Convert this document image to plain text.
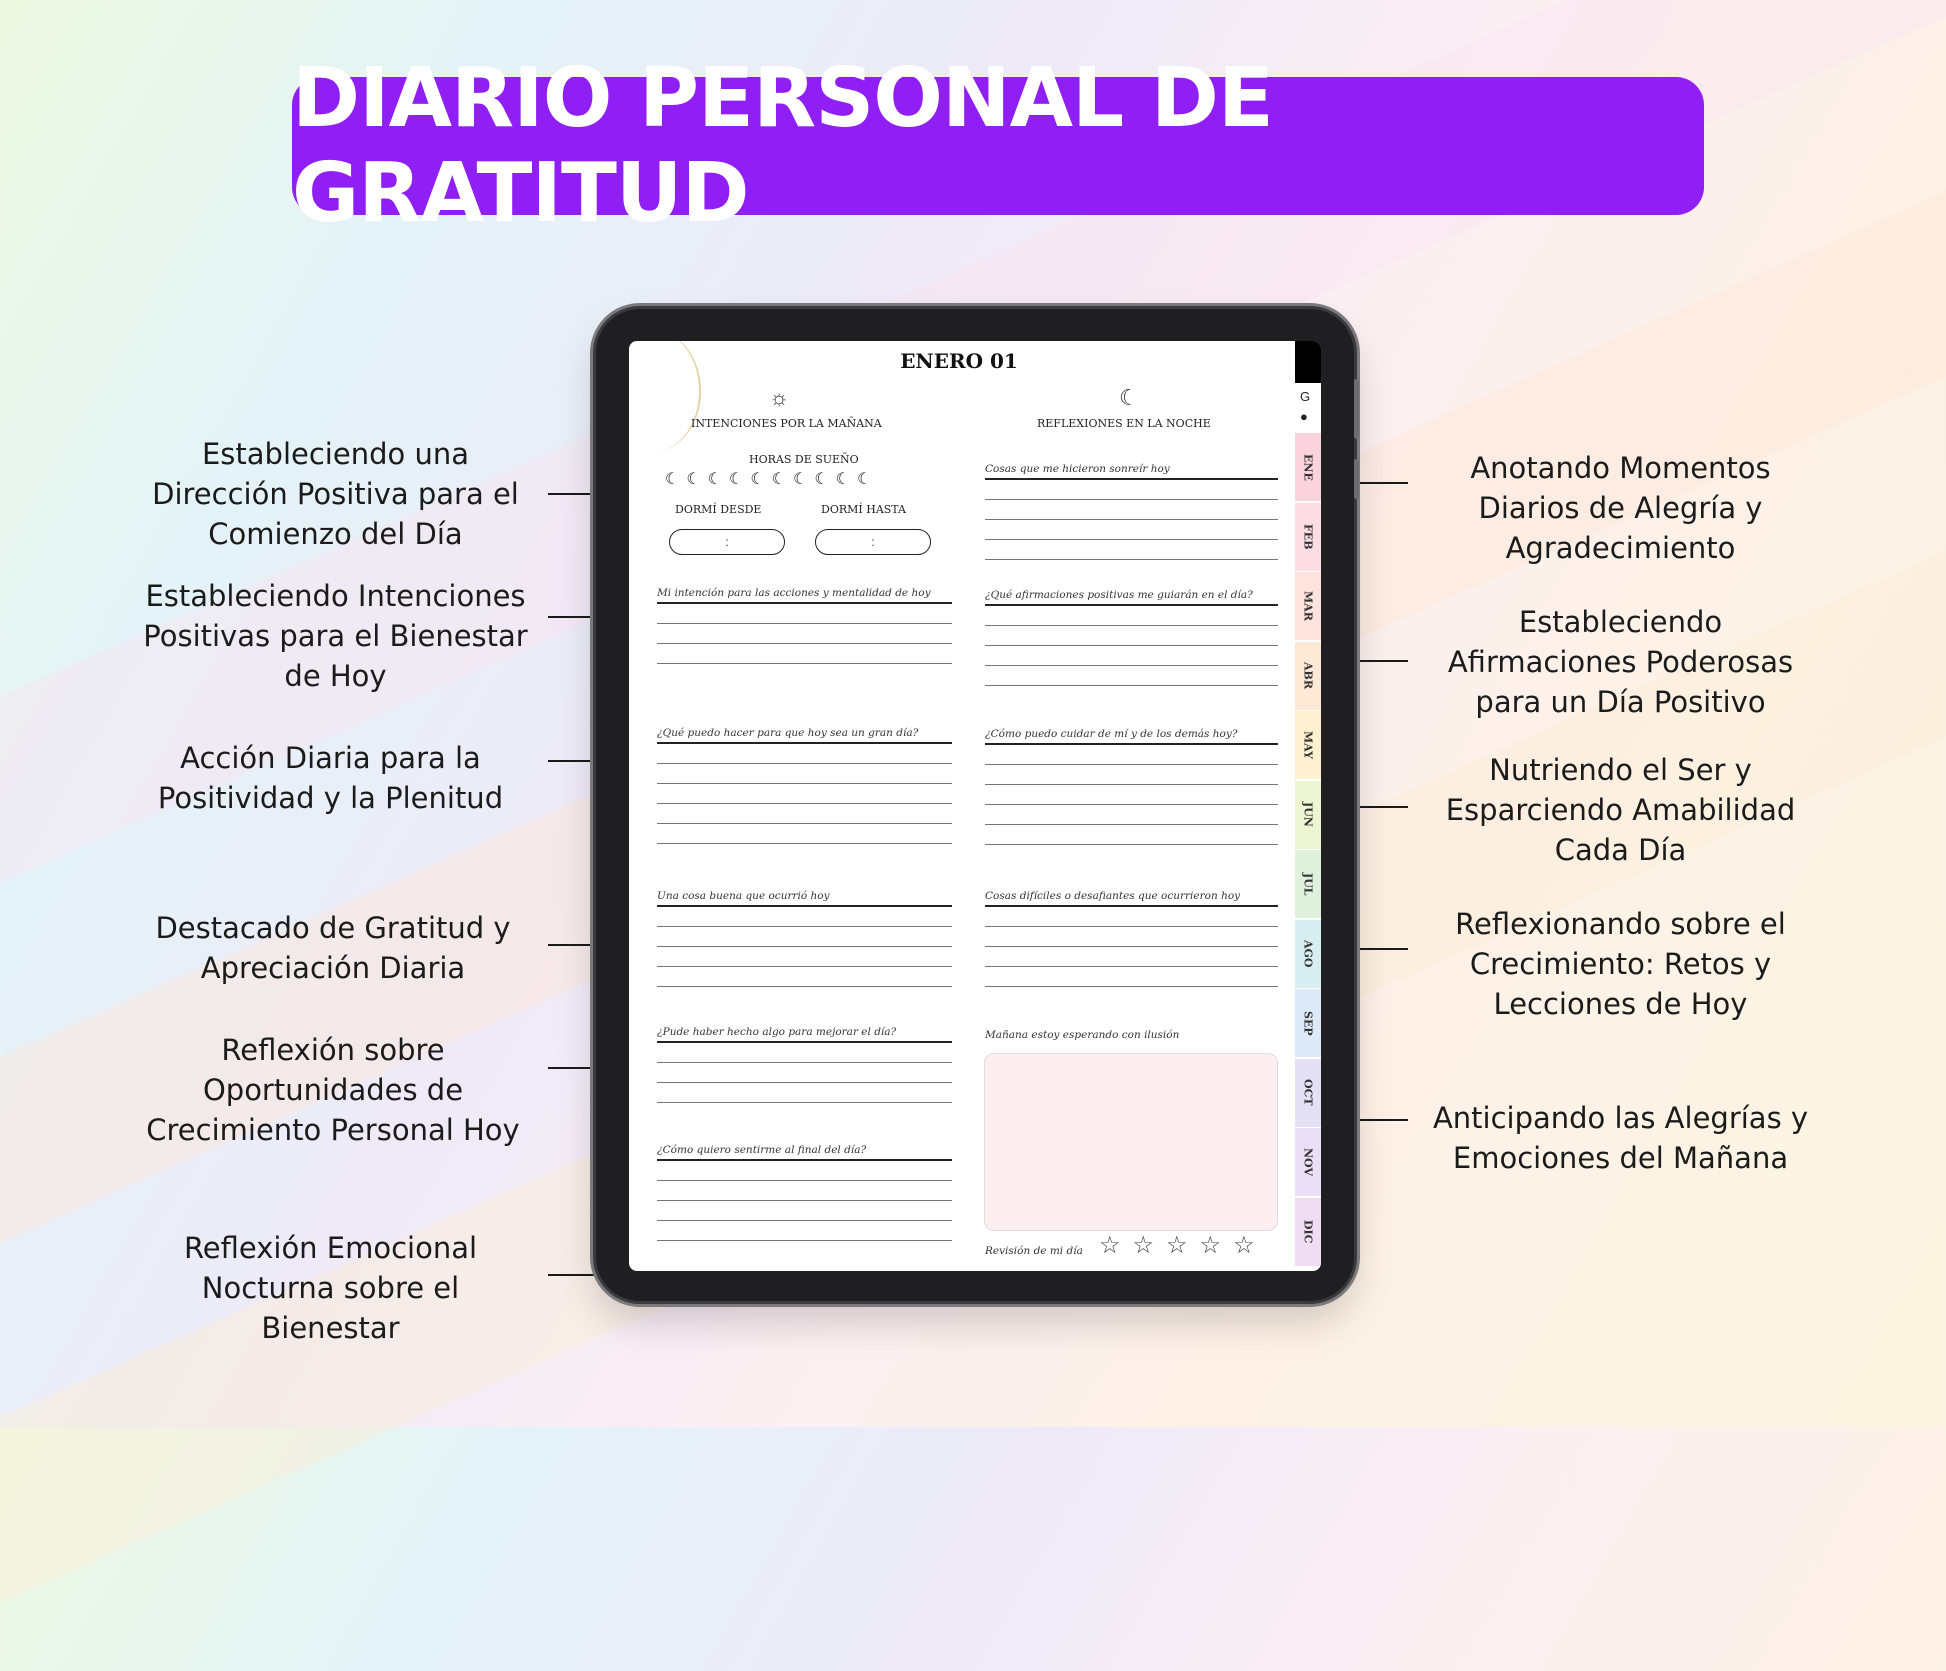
DIARIO PERSONAL DE GRATITUD
Estableciendo una Dirección Positiva para el Comienzo del Día
Estableciendo Intenciones Positivas para el Bienestar de Hoy
Acción Diaria para la Positividad y la Plenitud
Destacado de Gratitud y Apreciación Diaria
Reflexión sobre Oportunidades de Crecimiento Personal Hoy
Reflexión Emocional Nocturna sobre el Bienestar
Anotando Momentos Diarios de Alegría y Agradecimiento
Estableciendo Afirmaciones Poderosas para un Día Positivo
Nutriendo el Ser y Esparciendo Amabilidad Cada Día
Reflexionando sobre el Crecimiento: Retos y Lecciones de Hoy
Anticipando las Alegrías y Emociones del Mañana
ENERO 01
☼
INTENCIONES POR LA MAÑANA
HORAS DE SUEÑO
☾☾☾☾☾☾☾☾☾☾
DORMÍ DESDE	DORMÍ HASTA
:	:
Mi intención para las acciones y mentalidad de hoy
¿Qué puedo hacer para que hoy sea un gran día?
Una cosa buena que ocurrió hoy
¿Pude haber hecho algo para mejorar el día?
¿Cómo quiero sentirme al final del día?
☾
REFLEXIONES EN LA NOCHE
Cosas que me hicieron sonreír hoy
¿Qué afirmaciones positivas me guiarán en el día?
¿Cómo puedo cuidar de mí y de los demás hoy?
Cosas difíciles o desafiantes que ocurrieron hoy
Mañana estoy esperando con ilusión
Revisión de mi día ☆☆☆☆☆
G
●
ENE
FEB
MAR
ABR
MAY
JUN
JUL
AGO
SEP
OCT
NOV
DIC
